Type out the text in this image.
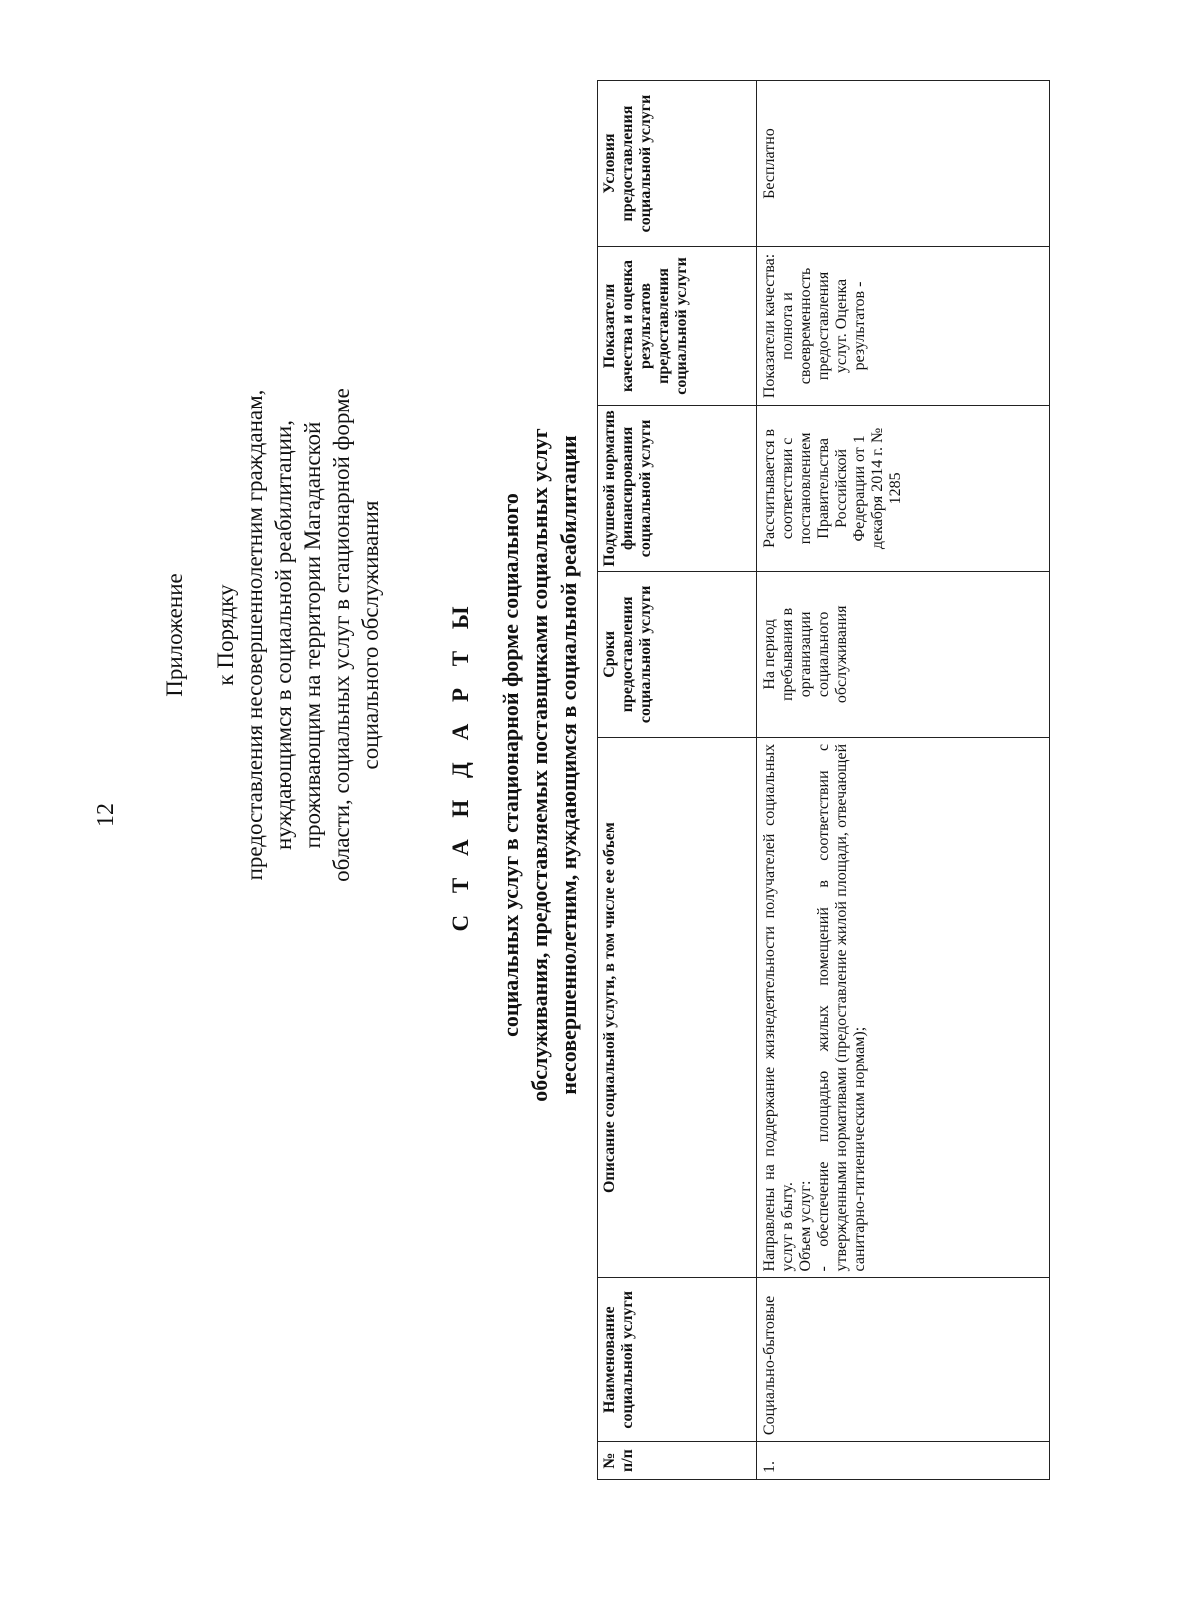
12
Приложение к Порядку предоставления несовершеннолетним гражданам, нуждающимся в социальной реабилитации, проживающим на территории Магаданской области, социальных услуг в стационарной форме социального обслуживания	С Т А Н Д А Р Т Ы социальных услуг в стационарной форме социального обслуживания, предоставляемых поставщиками социальных услуг несовершеннолетним, нуждающимся в социальной реабилитации
№ п/п	Наименование социальной услуги	Описание социальной услуги, в том числе ее объем	Сроки предоставления социальной услуги	Подушевой норматив финансирования социальной услуги	Показатели качества и оценка результатов предоставления социальной услуги	Условия предоставления социальной услуги
1.	Социально-бытовые	Направлены на поддержание жизнедеятельности получателей социальных услуг в быту. Объем услуг: - обеспечение площадью жилых помещений в соответствии с утвержденными нормативами (предоставление жилой площади, отвечающей санитарно-гигиеническим нормам);	На период пребывания в организации социального обслуживания	Рассчитывается в соответствии с постановлением Правительства Российской Федерации от 1 декабря 2014 г. № 1285	Показатели качества: полнота и своевременность предоставления услуг. Оценка результатов -	Бесплатно
